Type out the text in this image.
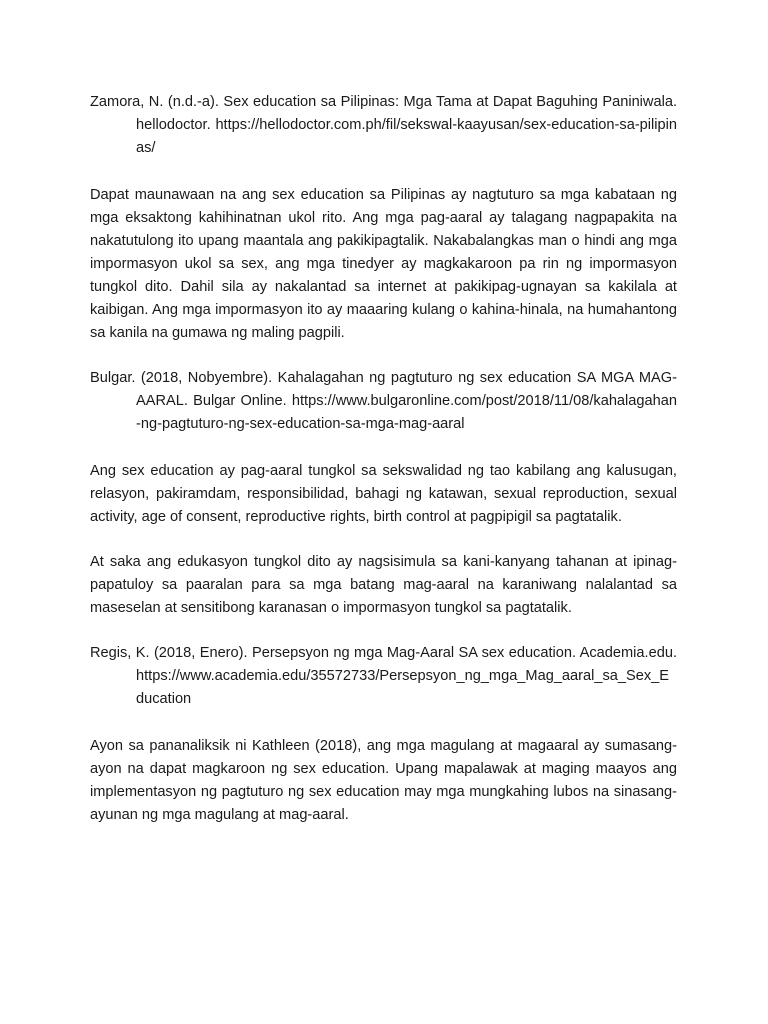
Zamora, N. (n.d.-a). Sex education sa Pilipinas: Mga Tama at Dapat Baguhing Paniniwala. hellodoctor. https://hellodoctor.com.ph/fil/sekswal-kaayusan/sex-education-sa-pilipinas/

Dapat maunawaan na ang sex education sa Pilipinas ay nagtuturo sa mga kabataan ng mga eksaktong kahihinatnan ukol rito. Ang mga pag-aaral ay talagang nagpapakita na nakatutulong ito upang maantala ang pakikipagtalik. Nakabalangkas man o hindi ang mga impormasyon ukol sa sex, ang mga tinedyer ay magkakaroon pa rin ng impormasyon tungkol dito. Dahil sila ay nakalantad sa internet at pakikipag-ugnayan sa kakilala at kaibigan. Ang mga impormasyon ito ay maaaring kulang o kahina-hinala, na humahantong sa kanila na gumawa ng maling pagpili.

Bulgar. (2018, Nobyembre). Kahalagahan ng pagtuturo ng sex education SA MGA MAG-AARAL. Bulgar Online. https://www.bulgaronline.com/post/2018/11/08/kahalagahan-ng-pagtuturo-ng-sex-education-sa-mga-mag-aaral

Ang sex education ay pag-aaral tungkol sa sekswalidad ng tao kabilang ang kalusugan, relasyon, pakiramdam, responsibilidad, bahagi ng katawan, sexual reproduction, sexual activity, age of consent, reproductive rights, birth control at pagpipigil sa pagtatalik.

At saka ang edukasyon tungkol dito ay nagsisimula sa kani-kanyang tahanan at ipinag-papatuloy sa paaralan para sa mga batang mag-aaral na karaniwang nalalantad sa maseselan at sensitibong karanasan o impormasyon tungkol sa pagtatalik.

Regis, K. (2018, Enero). Persepsyon ng mga Mag-Aaral SA sex education. Academia.edu. https://www.academia.edu/35572733/Persepsyon_ng_mga_Mag_aaral_sa_Sex_Education

Ayon sa pananaliksik ni Kathleen (2018), ang mga magulang at magaaral ay sumasang-ayon na dapat magkaroon ng sex education. Upang mapalawak at maging maayos ang implementasyon ng pagtuturo ng sex education may mga mungkahing lubos na sinasang-ayunan ng mga magulang at mag-aaral.
